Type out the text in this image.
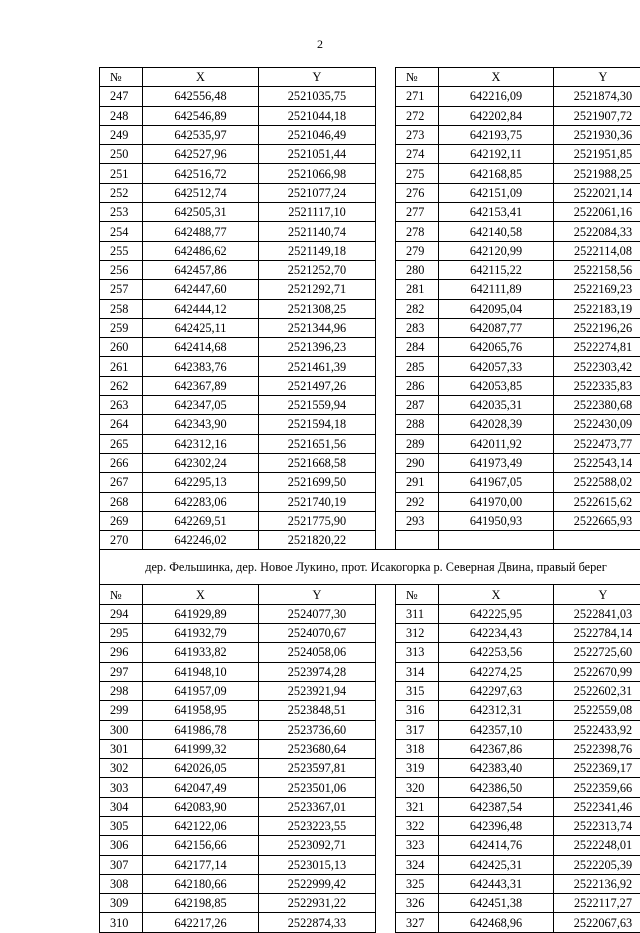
2
№	X	Y		№	X	Y
247	642556,48	2521035,75		271	642216,09	2521874,30
248	642546,89	2521044,18		272	642202,84	2521907,72
249	642535,97	2521046,49		273	642193,75	2521930,36
250	642527,96	2521051,44		274	642192,11	2521951,85
251	642516,72	2521066,98		275	642168,85	2521988,25
252	642512,74	2521077,24		276	642151,09	2522021,14
253	642505,31	2521117,10		277	642153,41	2522061,16
254	642488,77	2521140,74		278	642140,58	2522084,33
255	642486,62	2521149,18		279	642120,99	2522114,08
256	642457,86	2521252,70		280	642115,22	2522158,56
257	642447,60	2521292,71		281	642111,89	2522169,23
258	642444,12	2521308,25		282	642095,04	2522183,19
259	642425,11	2521344,96		283	642087,77	2522196,26
260	642414,68	2521396,23		284	642065,76	2522274,81
261	642383,76	2521461,39		285	642057,33	2522303,42
262	642367,89	2521497,26		286	642053,85	2522335,83
263	642347,05	2521559,94		287	642035,31	2522380,68
264	642343,90	2521594,18		288	642028,39	2522430,09
265	642312,16	2521651,56		289	642011,92	2522473,77
266	642302,24	2521668,58		290	641973,49	2522543,14
267	642295,13	2521699,50		291	641967,05	2522588,02
268	642283,06	2521740,19		292	641970,00	2522615,62
269	642269,51	2521775,90		293	641950,93	2522665,93
270	642246,02	2521820,22				
дер. Фельшинка, дер. Новое Лукино, прот. Исакогорка р. Северная Двина, правый берег						
№	X	Y		№	X	Y
294	641929,89	2524077,30		311	642225,95	2522841,03
295	641932,79	2524070,67		312	642234,43	2522784,14
296	641933,82	2524058,06		313	642253,56	2522725,60
297	641948,10	2523974,28		314	642274,25	2522670,99
298	641957,09	2523921,94		315	642297,63	2522602,31
299	641958,95	2523848,51		316	642312,31	2522559,08
300	641986,78	2523736,60		317	642357,10	2522433,92
301	641999,32	2523680,64		318	642367,86	2522398,76
302	642026,05	2523597,81		319	642383,40	2522369,17
303	642047,49	2523501,06		320	642386,50	2522359,66
304	642083,90	2523367,01		321	642387,54	2522341,46
305	642122,06	2523223,55		322	642396,48	2522313,74
306	642156,66	2523092,71		323	642414,76	2522248,01
307	642177,14	2523015,13		324	642425,31	2522205,39
308	642180,66	2522999,42		325	642443,31	2522136,92
309	642198,85	2522931,22		326	642451,38	2522117,27
310	642217,26	2522874,33		327	642468,96	2522067,63
